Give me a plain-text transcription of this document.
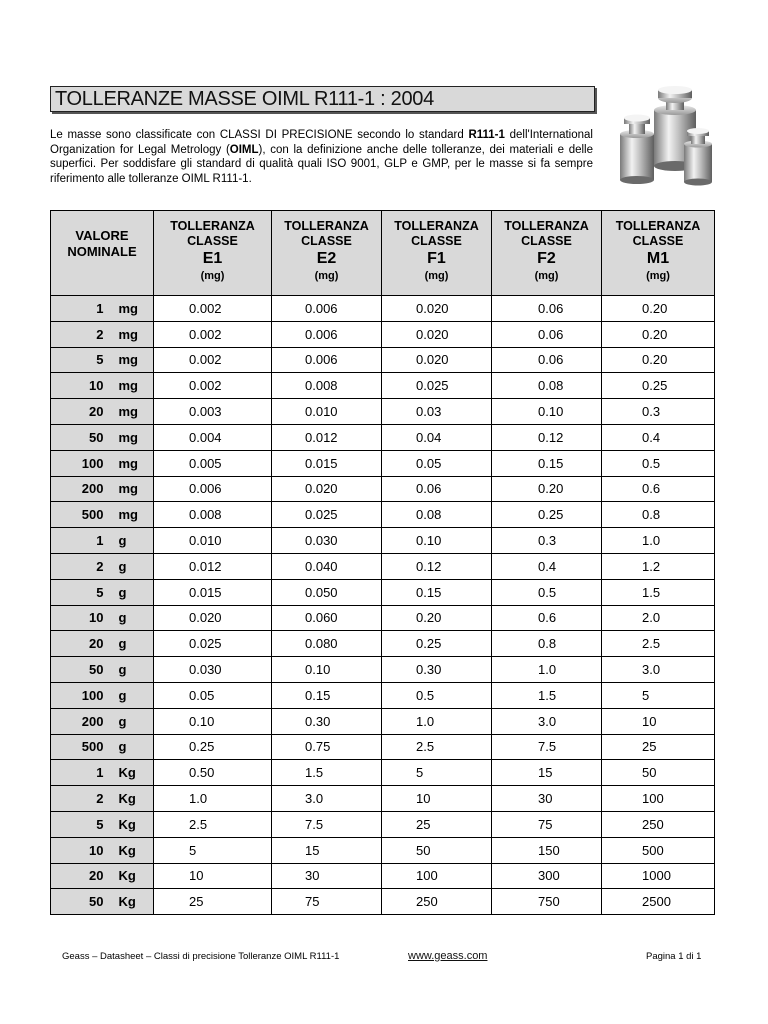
TOLLERANZE MASSE OIML R111-1 : 2004
Le masse sono classificate con CLASSI DI PRECISIONE secondo lo standard R111-1 dell'International Organization for Legal Metrology (OIML), con la definizione anche delle tolleranze, dei materiali e delle superfici. Per soddisfare gli standard di qualità quali ISO 9001, GLP e GMP, per le masse si fa sempre riferimento alle tolleranze OIML R111-1.
VALORE
NOMINALE		TOLLERANZA
CLASSE
E1
(mg)	TOLLERANZA
CLASSE
E2
(mg)	TOLLERANZA
CLASSE
F1
(mg)	TOLLERANZA
CLASSE
F2
(mg)	TOLLERANZA
CLASSE
M1
(mg)

1	mg	0.002	0.006	0.020	0.06	0.20
2	mg	0.002	0.006	0.020	0.06	0.20
5	mg	0.002	0.006	0.020	0.06	0.20
10	mg	0.002	0.008	0.025	0.08	0.25
20	mg	0.003	0.010	0.03	0.10	0.3
50	mg	0.004	0.012	0.04	0.12	0.4
100	mg	0.005	0.015	0.05	0.15	0.5
200	mg	0.006	0.020	0.06	0.20	0.6
500	mg	0.008	0.025	0.08	0.25	0.8
1	g	0.010	0.030	0.10	0.3	1.0
2	g	0.012	0.040	0.12	0.4	1.2
5	g	0.015	0.050	0.15	0.5	1.5
10	g	0.020	0.060	0.20	0.6	2.0
20	g	0.025	0.080	0.25	0.8	2.5
50	g	0.030	0.10	0.30	1.0	3.0
100	g	0.05	0.15	0.5	1.5	5
200	g	0.10	0.30	1.0	3.0	10
500	g	0.25	0.75	2.5	7.5	25
1	Kg	0.50	1.5	5	15	50
2	Kg	1.0	3.0	10	30	100
5	Kg	2.5	7.5	25	75	250
10	Kg	5	15	50	150	500
20	Kg	10	30	100	300	1000
50	Kg	25	75	250	750	2500
Geass – Datasheet – Classi di precisione Tolleranze OIML R111-1	www.geass.com	Pagina 1 di 1
